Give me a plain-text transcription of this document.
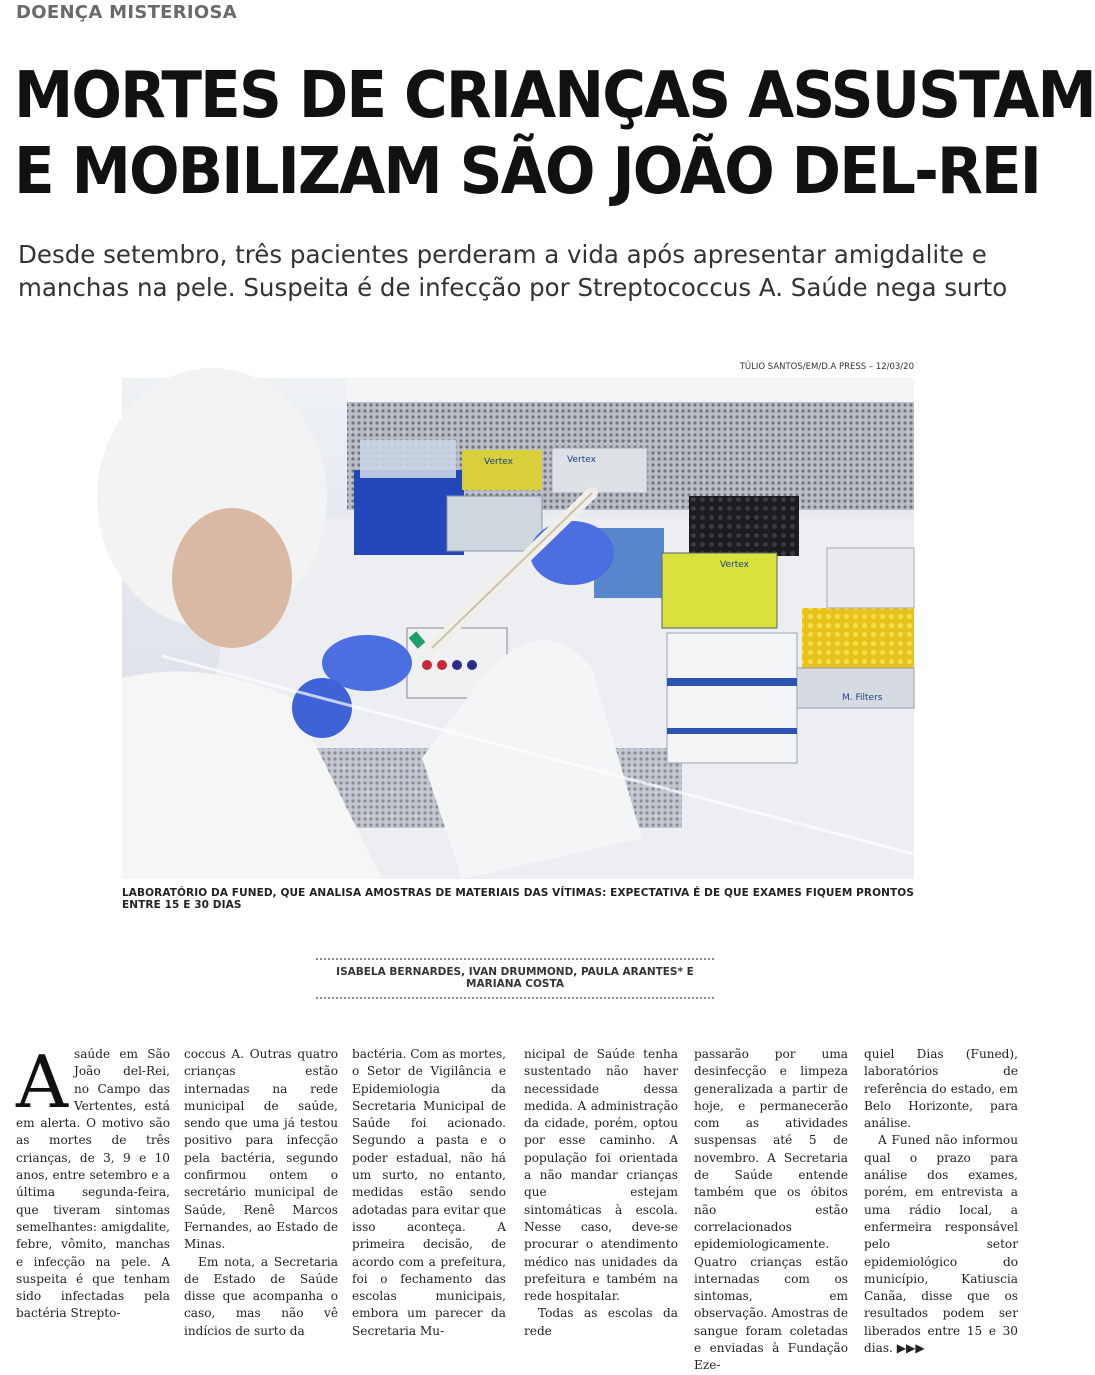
DOENÇA MISTERIOSA
MORTES DE CRIANÇAS ASSUSTAM
E MOBILIZAM SÃO JOÃO DEL-REI
Desde setembro, três pacientes perderam a vida após apresentar amigdalite e manchas na pele. Suspeita é de infecção por Streptococcus A. Saúde nega surto
TÚLIO SANTOS/EM/D.A PRESS – 12/03/20
Vertex	Vertex
Vertex
M. Filters
LABORATÓRIO DA FUNED, QUE ANALISA AMOSTRAS DE MATERIAIS DAS VÍTIMAS: EXPECTATIVA É DE QUE EXAMES FIQUEM PRONTOS ENTRE 15 E 30 DIAS
ISABELA BERNARDES, IVAN DRUMMOND, PAULA ARANTES* E MARIANA COSTA
A saúde em São João del-Rei, no Campo das Vertentes, está em alerta. O motivo são as mortes de três crianças, de 3, 9 e 10 anos, entre setembro e a última segunda-feira, que tiveram sintomas semelhantes: amigdalite, febre, vômito, manchas e infecção na pele. A suspeita é que tenham sido infectadas pela bactéria Strepto-

coccus A. Outras quatro crianças estão internadas na rede municipal de saúde, sendo que uma já testou positivo para infecção pela bactéria, segundo confirmou ontem o secretário municipal de Saúde, Renê Marcos Fernandes, ao Estado de Minas.

Em nota, a Secretaria de Estado de Saúde disse que acompanha o caso, mas não vê indícios de surto da

bactéria. Com as mortes, o Setor de Vigilância e Epidemiologia da Secretaria Municipal de Saúde foi acionado. Segundo a pasta e o poder estadual, não há um surto, no entanto, medidas estão sendo adotadas para evitar que isso aconteça. A primeira decisão, de acordo com a prefeitura, foi o fechamento das escolas municipais, embora um parecer da Secretaria Mu-

nicipal de Saúde tenha sustentado não haver necessidade dessa medida. A administração da cidade, porém, optou por esse caminho. A população foi orientada a não mandar crianças que estejam sintomáticas à escola. Nesse caso, deve-se procurar o atendimento médico nas unidades da prefeitura e também na rede hospitalar.

Todas as escolas da rede

passarão por uma desinfecção e limpeza generalizada a partir de hoje, e permanecerão com as atividades suspensas até 5 de novembro. A Secretaria de Saúde entende também que os óbitos não estão correlacionados epidemiologicamente. Quatro crianças estão internadas com os sintomas, em observação. Amostras de sangue foram coletadas e enviadas à Fundação Eze-

quiel Dias (Funed), laboratórios de referência do estado, em Belo Horizonte, para análise.

A Funed não informou qual o prazo para análise dos exames, porém, em entrevista a uma rádio local, a enfermeira responsável pelo setor epidemiológico do município, Katiuscia Canãa, disse que os resultados podem ser liberados entre 15 e 30 dias. ▶▶▶
